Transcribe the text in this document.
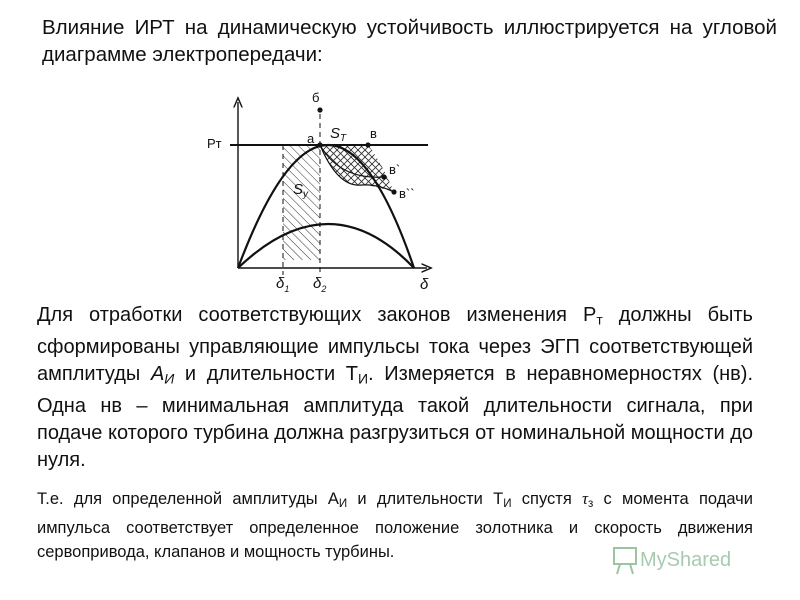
Влияние ИРТ на динамическую устойчивость иллюстрируется на угловой диаграмме электропередачи:
Рт
б
а	в
в`
в``
$S_T$
$S_y$
$\delta_1$ $\delta_2$	δ
Для отработки соответствующих законов изменения $Р_т$ должны быть сформированы управляющие импульсы тока через ЭГП соответствующей амплитуды $А_И$ и длительности $Т_И$. Измеряется в неравномерностях (нв). Одна нв – минимальная амплитуда такой длительности сигнала, при подаче которого турбина должна разгрузиться от номинальной мощности до нуля.
Т.е. для определенной амплитуды $А_И$ и длительности $Т_И$ спустя $\tau_з$ с момента подачи импульса соответствует определенное положение золотника и скорость движения сервопривода, клапанов и мощность турбины.	MyShared
